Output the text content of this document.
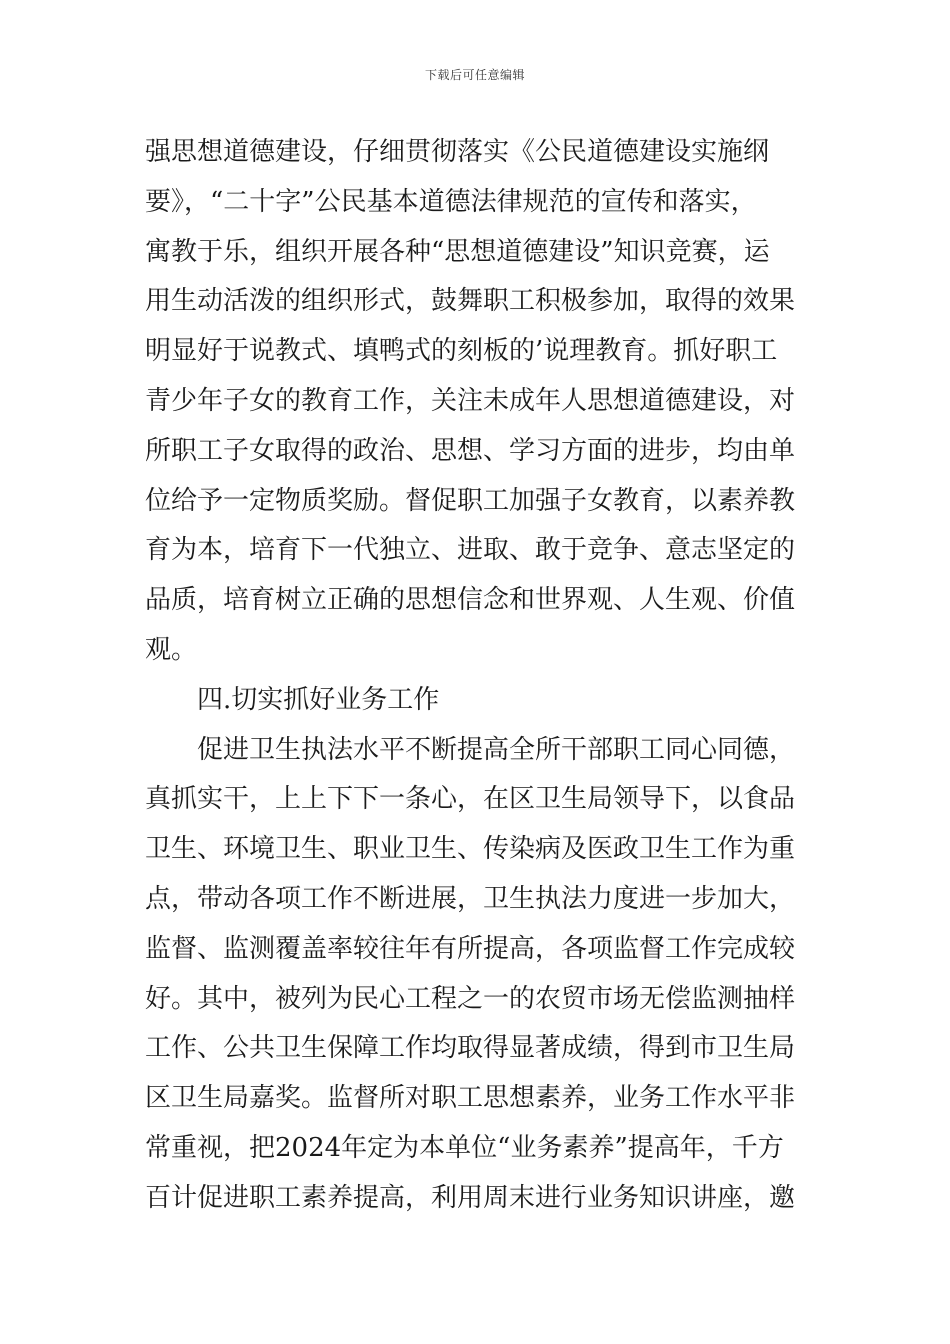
下载后可任意编辑
强思想道德建设，仔细贯彻落实《公民道德建设实施纲
要》，“二十字”公民基本道德法律规范的宣传和落实，
寓教于乐，组织开展各种“思想道德建设”知识竞赛，运
用生动活泼的组织形式，鼓舞职工积极参加，取得的效果
明显好于说教式、填鸭式的刻板的’说理教育。抓好职工
青少年子女的教育工作，关注未成年人思想道德建设，对
所职工子女取得的政治、思想、学习方面的进步，均由单
位给予一定物质奖励。督促职工加强子女教育，以素养教
育为本，培育下一代独立、进取、敢于竞争、意志坚定的
品质，培育树立正确的思想信念和世界观、人生观、价值
观。
四.切实抓好业务工作
促进卫生执法水平不断提高全所干部职工同心同德，
真抓实干，上上下下一条心，在区卫生局领导下，以食品
卫生、环境卫生、职业卫生、传染病及医政卫生工作为重
点，带动各项工作不断进展，卫生执法力度进一步加大，
监督、监测覆盖率较往年有所提高，各项监督工作完成较
好。其中，被列为民心工程之一的农贸市场无偿监测抽样
工作、公共卫生保障工作均取得显著成绩，得到市卫生局
区卫生局嘉奖。监督所对职工思想素养，业务工作水平非
常重视，把2024年定为本单位“业务素养”提高年，千方
百计促进职工素养提高，利用周末进行业务知识讲座，邀
